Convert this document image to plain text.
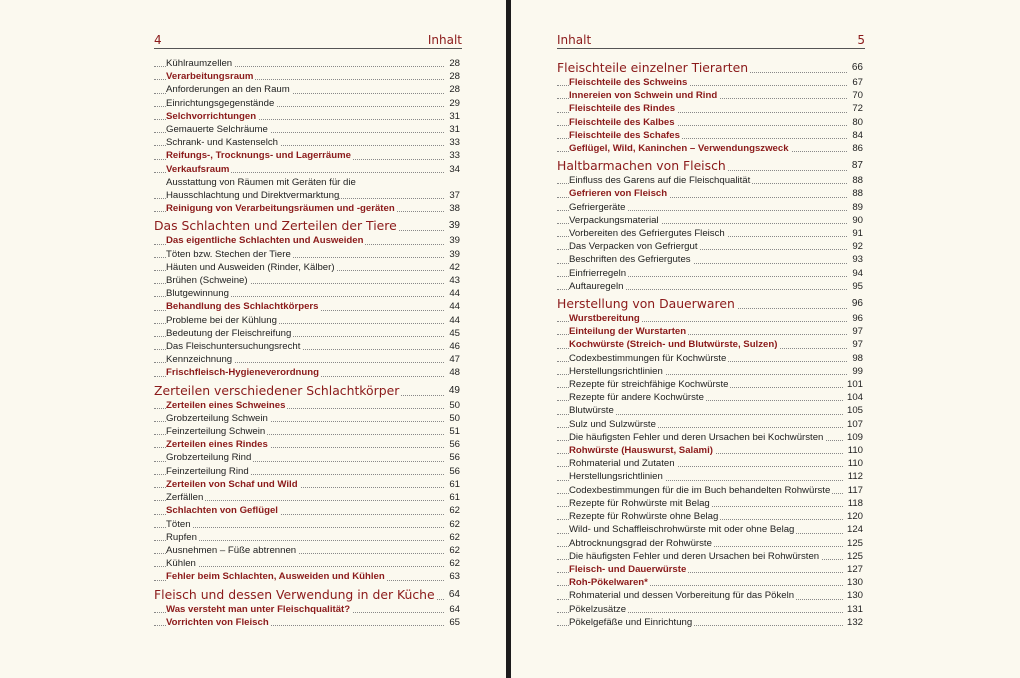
4	Inhalt
Kühlraumzellen	28
Verarbeitungsraum	28
Anforderungen an den Raum	28
Einrichtungsgegenstände	29
Selchvorrichtungen	31
Gemauerte Selchräume	31
Schrank- und Kastenselch	33
Reifungs-, Trocknungs- und Lagerräume	33
Verkaufsraum	34
Ausstattung von Räumen mit Geräten für die
Hausschlachtung und Direktvermarktung	37
Reinigung von Verarbeitungsräumen und -geräten	38
Das Schlachten und Zerteilen der Tiere	39
Das eigentliche Schlachten und Ausweiden	39
Töten bzw. Stechen der Tiere	39
Häuten und Ausweiden (Rinder, Kälber)	42
Brühen (Schweine)	43
Blutgewinnung	44
Behandlung des Schlachtkörpers	44
Probleme bei der Kühlung	44
Bedeutung der Fleischreifung	45
Das Fleischuntersuchungsrecht	46
Kennzeichnung	47
Frischfleisch-Hygieneverordnung	48
Zerteilen verschiedener Schlachtkörper	49
Zerteilen eines Schweines	50
Grobzerteilung Schwein	50
Feinzerteilung Schwein	51
Zerteilen eines Rindes	56
Grobzerteilung Rind	56
Feinzerteilung Rind	56
Zerteilen von Schaf und Wild	61
Zerfällen	61
Schlachten von Geflügel	62
Töten	62
Rupfen	62
Ausnehmen – Füße abtrennen	62
Kühlen	62
Fehler beim Schlachten, Ausweiden und Kühlen	63
Fleisch und dessen Verwendung in der Küche	64
Was versteht man unter Fleischqualität?	64
Vorrichten von Fleisch	65
Inhalt	5
Fleischteile einzelner Tierarten	66
Fleischteile des Schweins	67
Innereien von Schwein und Rind	70
Fleischteile des Rindes	72
Fleischteile des Kalbes	80
Fleischteile des Schafes	84
Geflügel, Wild, Kaninchen – Verwendungszweck	86
Haltbarmachen von Fleisch	87
Einfluss des Garens auf die Fleischqualität	88
Gefrieren von Fleisch	88
Gefriergeräte	89
Verpackungsmaterial	90
Vorbereiten des Gefriergutes Fleisch	91
Das Verpacken von Gefriergut	92
Beschriften des Gefriergutes	93
Einfrierregeln	94
Auftauregeln	95
Herstellung von Dauerwaren	96
Wurstbereitung	96
Einteilung der Wurstarten	97
Kochwürste (Streich- und Blutwürste, Sulzen)	97
Codexbestimmungen für Kochwürste	98
Herstellungsrichtlinien	99
Rezepte für streichfähige Kochwürste	101
Rezepte für andere Kochwürste	104
Blutwürste	105
Sulz und Sulzwürste	107
Die häufigsten Fehler und deren Ursachen bei Kochwürsten	109
Rohwürste (Hauswurst, Salami)	110
Rohmaterial und Zutaten	110
Herstellungsrichtlinien	112
Codexbestimmungen für die im Buch behandelten Rohwürste	117
Rezepte für Rohwürste mit Belag	118
Rezepte für Rohwürste ohne Belag	120
Wild- und Schaffleischrohwürste mit oder ohne Belag	124
Abtrocknungsgrad der Rohwürste	125
Die häufigsten Fehler und deren Ursachen bei Rohwürsten	125
Fleisch- und Dauerwürste	127
Roh-Pökelwaren*	130
Rohmaterial und dessen Vorbereitung für das Pökeln	130
Pökelzusätze	131
Pökelgefäße und Einrichtung	132
